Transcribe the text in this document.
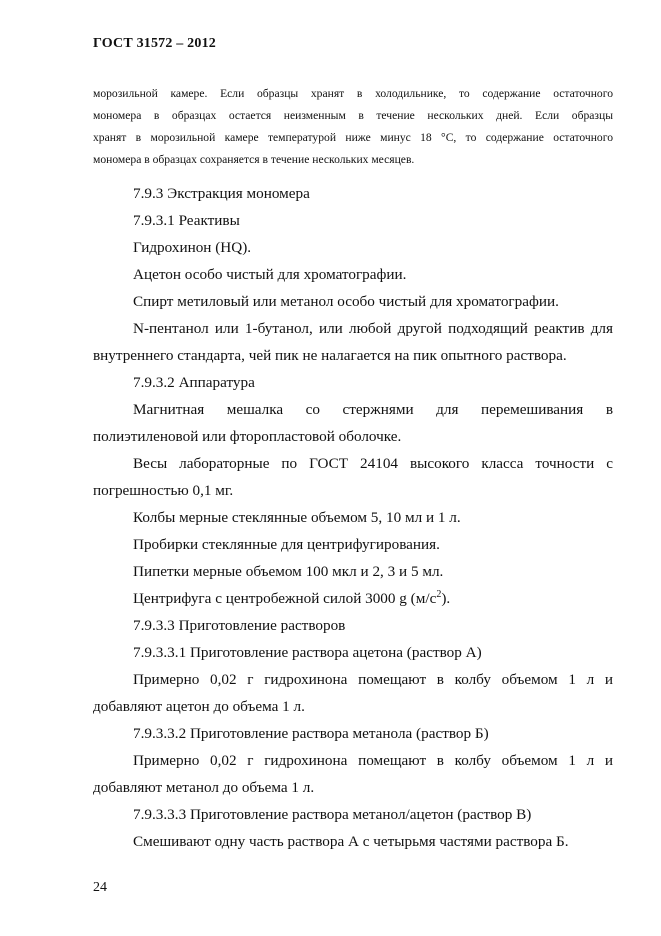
ГОСТ 31572 – 2012
морозильной камере. Если образцы хранят в холодильнике, то содержание остаточного
мономера в образцах остается неизменным в течение нескольких дней. Если образцы
хранят в морозильной камере температурой ниже минус 18 °С, то содержание остаточного
мономера в образцах сохраняется в течение нескольких месяцев.
7.9.3 Экстракция мономера
7.9.3.1 Реактивы
Гидрохинон (HQ).
Ацетон особо чистый для хроматографии.
Спирт метиловый или метанол особо чистый для хроматографии.
N-пентанол или 1-бутанол, или любой другой подходящий реактив для
внутреннего стандарта, чей пик не налагается на пик опытного раствора.
7.9.3.2 Аппаратура
Магнитная мешалка со стержнями для перемешивания в
полиэтиленовой или фторопластовой оболочке.
Весы лабораторные по ГОСТ 24104 высокого класса точности с
погрешностью 0,1 мг.
Колбы мерные стеклянные объемом 5, 10 мл и 1 л.
Пробирки стеклянные для центрифугирования.
Пипетки мерные объемом 100 мкл и 2, 3 и 5 мл.
Центрифуга с центробежной силой 3000 g $(м/с^2)$.
7.9.3.3 Приготовление растворов
7.9.3.3.1 Приготовление раствора ацетона (раствор А)
Примерно 0,02 г гидрохинона помещают в колбу объемом 1 л и
добавляют ацетон до объема 1 л.
7.9.3.3.2 Приготовление раствора метанола (раствор Б)
Примерно 0,02 г гидрохинона помещают в колбу объемом 1 л и
добавляют метанол до объема 1 л.
7.9.3.3.3 Приготовление раствора метанол/ацетон (раствор В)
Смешивают одну часть раствора А с четырьмя частями раствора Б.
24
